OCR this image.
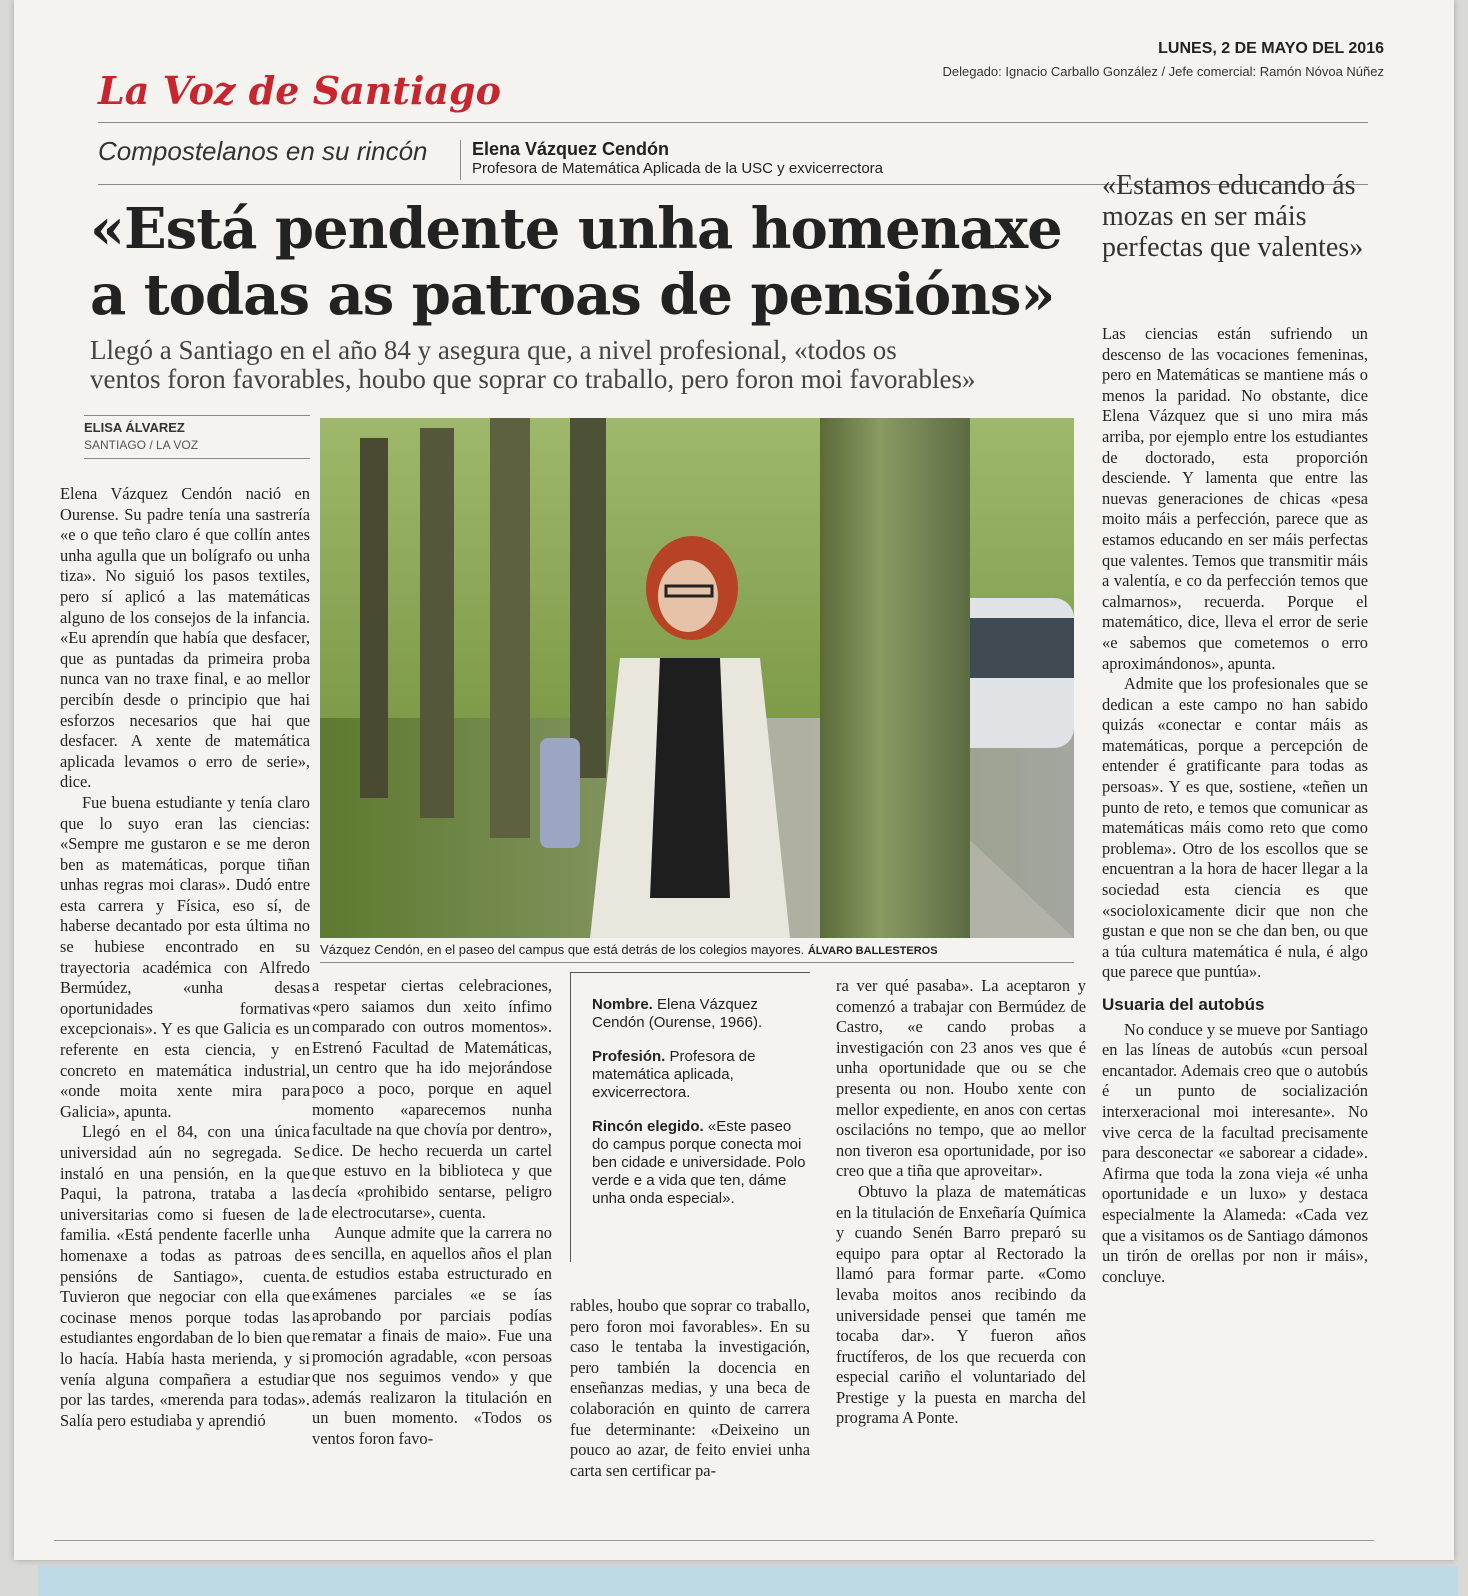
La Voz de Santiago
LUNES, 2 DE MAYO DEL 2016
Delegado: Ignacio Carballo González / Jefe comercial: Ramón Nóvoa Núñez
Compostelanos en su rincón Elena Vázquez Cendón
Profesora de Matemática Aplicada de la USC y exvicerrectora
«Está pendente unha homenaxe
a todas as patroas de pensións»
Llegó a Santiago en el año 84 y asegura que, a nivel profesional, «todos os
ventos foron favorables, houbo que soprar co traballo, pero foron moi favorables»
«Estamos educando ás mozas en ser máis perfectas que valentes»
ELISA ÁLVAREZ
SANTIAGO / LA VOZ
Vázquez Cendón, en el paseo del campus que está detrás de los colegios mayores. ÁLVARO BALLESTEROS

Elena Vázquez Cendón nació en Ourense. Su padre tenía una sastrería «e o que teño claro é que collín antes unha agulla que un bolígrafo ou unha tiza». No siguió los pasos textiles, pero sí aplicó a las matemáticas alguno de los consejos de la infancia. «Eu aprendín que había que desfacer, que as puntadas da primeira proba nunca van no traxe final, e ao mellor percibín desde o principio que hai esforzos necesarios que hai que desfacer. A xente de matemática aplicada levamos o erro de serie», dice.

Fue buena estudiante y tenía claro que lo suyo eran las ciencias: «Sempre me gustaron e se me deron ben as matemáticas, porque tiñan unhas regras moi claras». Dudó entre esta carrera y Física, eso sí, de haberse decantado por esta última no se hubiese encontrado en su trayectoria académica con Alfredo Bermúdez, «unha desas oportunidades formativas excepcionais». Y es que Galicia es un referente en esta ciencia, y en concreto en matemática industrial, «onde moita xente mira para Galicia», apunta.

Llegó en el 84, con una única universidad aún no segregada. Se instaló en una pensión, en la que Paqui, la patrona, trataba a las universitarias como si fuesen de la familia. «Está pendente facerlle unha homenaxe a todas as patroas de pensións de Santiago», cuenta. Tuvieron que negociar con ella que cocinase menos porque todas las estudiantes engordaban de lo bien que lo hacía. Había hasta merienda, y si venía alguna compañera a estudiar por las tardes, «merenda para todas». Salía pero estudiaba y aprendió

a respetar ciertas celebraciones, «pero saiamos dun xeito ínfimo comparado con outros momentos». Estrenó Facultad de Matemáticas, un centro que ha ido mejorándose poco a poco, porque en aquel momento «aparecemos nunha facultade na que chovía por dentro», dice. De hecho recuerda un cartel que estuvo en la biblioteca y que decía «prohibido sentarse, peligro de electrocutarse», cuenta.

Aunque admite que la carrera no es sencilla, en aquellos años el plan de estudios estaba estructurado en exámenes parciales «e se ías aprobando por parciais podías rematar a finais de maio». Fue una promoción agradable, «con persoas que nos seguimos vendo» y que además realizaron la titulación en un buen momento. «Todos os ventos foron favo-

Nombre. Elena Vázquez Cendón (Ourense, 1966).
Profesión. Profesora de matemática aplicada, exvicerrectora.
Rincón elegido. «Este paseo do campus porque conecta moi ben cidade e universidade. Polo verde e a vida que ten, dáme unha onda especial».

rables, houbo que soprar co traballo, pero foron moi favorables». En su caso le tentaba la investigación, pero también la docencia en enseñanzas medias, y una beca de colaboración en quinto de carrera fue determinante: «Deixeino un pouco ao azar, de feito enviei unha carta sen certificar pa-

ra ver qué pasaba». La aceptaron y comenzó a trabajar con Bermúdez de Castro, «e cando probas a investigación con 23 anos ves que é unha oportunidade que ou se che presenta ou non. Houbo xente con mellor expediente, en anos con certas oscilacións no tempo, que ao mellor non tiveron esa oportunidade, por iso creo que a tiña que aproveitar».

Obtuvo la plaza de matemáticas en la titulación de Enxeñaría Química y cuando Senén Barro preparó su equipo para optar al Rectorado la llamó para formar parte. «Como levaba moitos anos recibindo da universidade pensei que tamén me tocaba dar». Y fueron años fructíferos, de los que recuerda con especial cariño el voluntariado del Prestige y la puesta en marcha del programa A Ponte.

Las ciencias están sufriendo un descenso de las vocaciones femeninas, pero en Matemáticas se mantiene más o menos la paridad. No obstante, dice Elena Vázquez que si uno mira más arriba, por ejemplo entre los estudiantes de doctorado, esta proporción desciende. Y lamenta que entre las nuevas generaciones de chicas «pesa moito máis a perfección, parece que as estamos educando en ser máis perfectas que valentes. Temos que transmitir máis a valentía, e co da perfección temos que calmarnos», recuerda. Porque el matemático, dice, lleva el error de serie «e sabemos que cometemos o erro aproximándonos», apunta.

Admite que los profesionales que se dedican a este campo no han sabido quizás «conectar e contar máis as matemáticas, porque a percepción de entender é gratificante para todas as persoas». Y es que, sostiene, «teñen un punto de reto, e temos que comunicar as matemáticas máis como reto que como problema». Otro de los escollos que se encuentran a la hora de hacer llegar a la sociedad esta ciencia es que «socioloxicamente dicir que non che gustan e que non se che dan ben, ou que a túa cultura matemática é nula, é algo que parece que puntúa».

Usuaria del autobús

No conduce y se mueve por Santiago en las líneas de autobús «cun persoal encantador. Ademais creo que o autobús é un punto de socialización interxeracional moi interesante». No vive cerca de la facultad precisamente para desconectar «e saborear a cidade». Afirma que toda la zona vieja «é unha oportunidade e un luxo» y destaca especialmente la Alameda: «Cada vez que a visitamos os de Santiago dámonos un tirón de orellas por non ir máis», concluye.
